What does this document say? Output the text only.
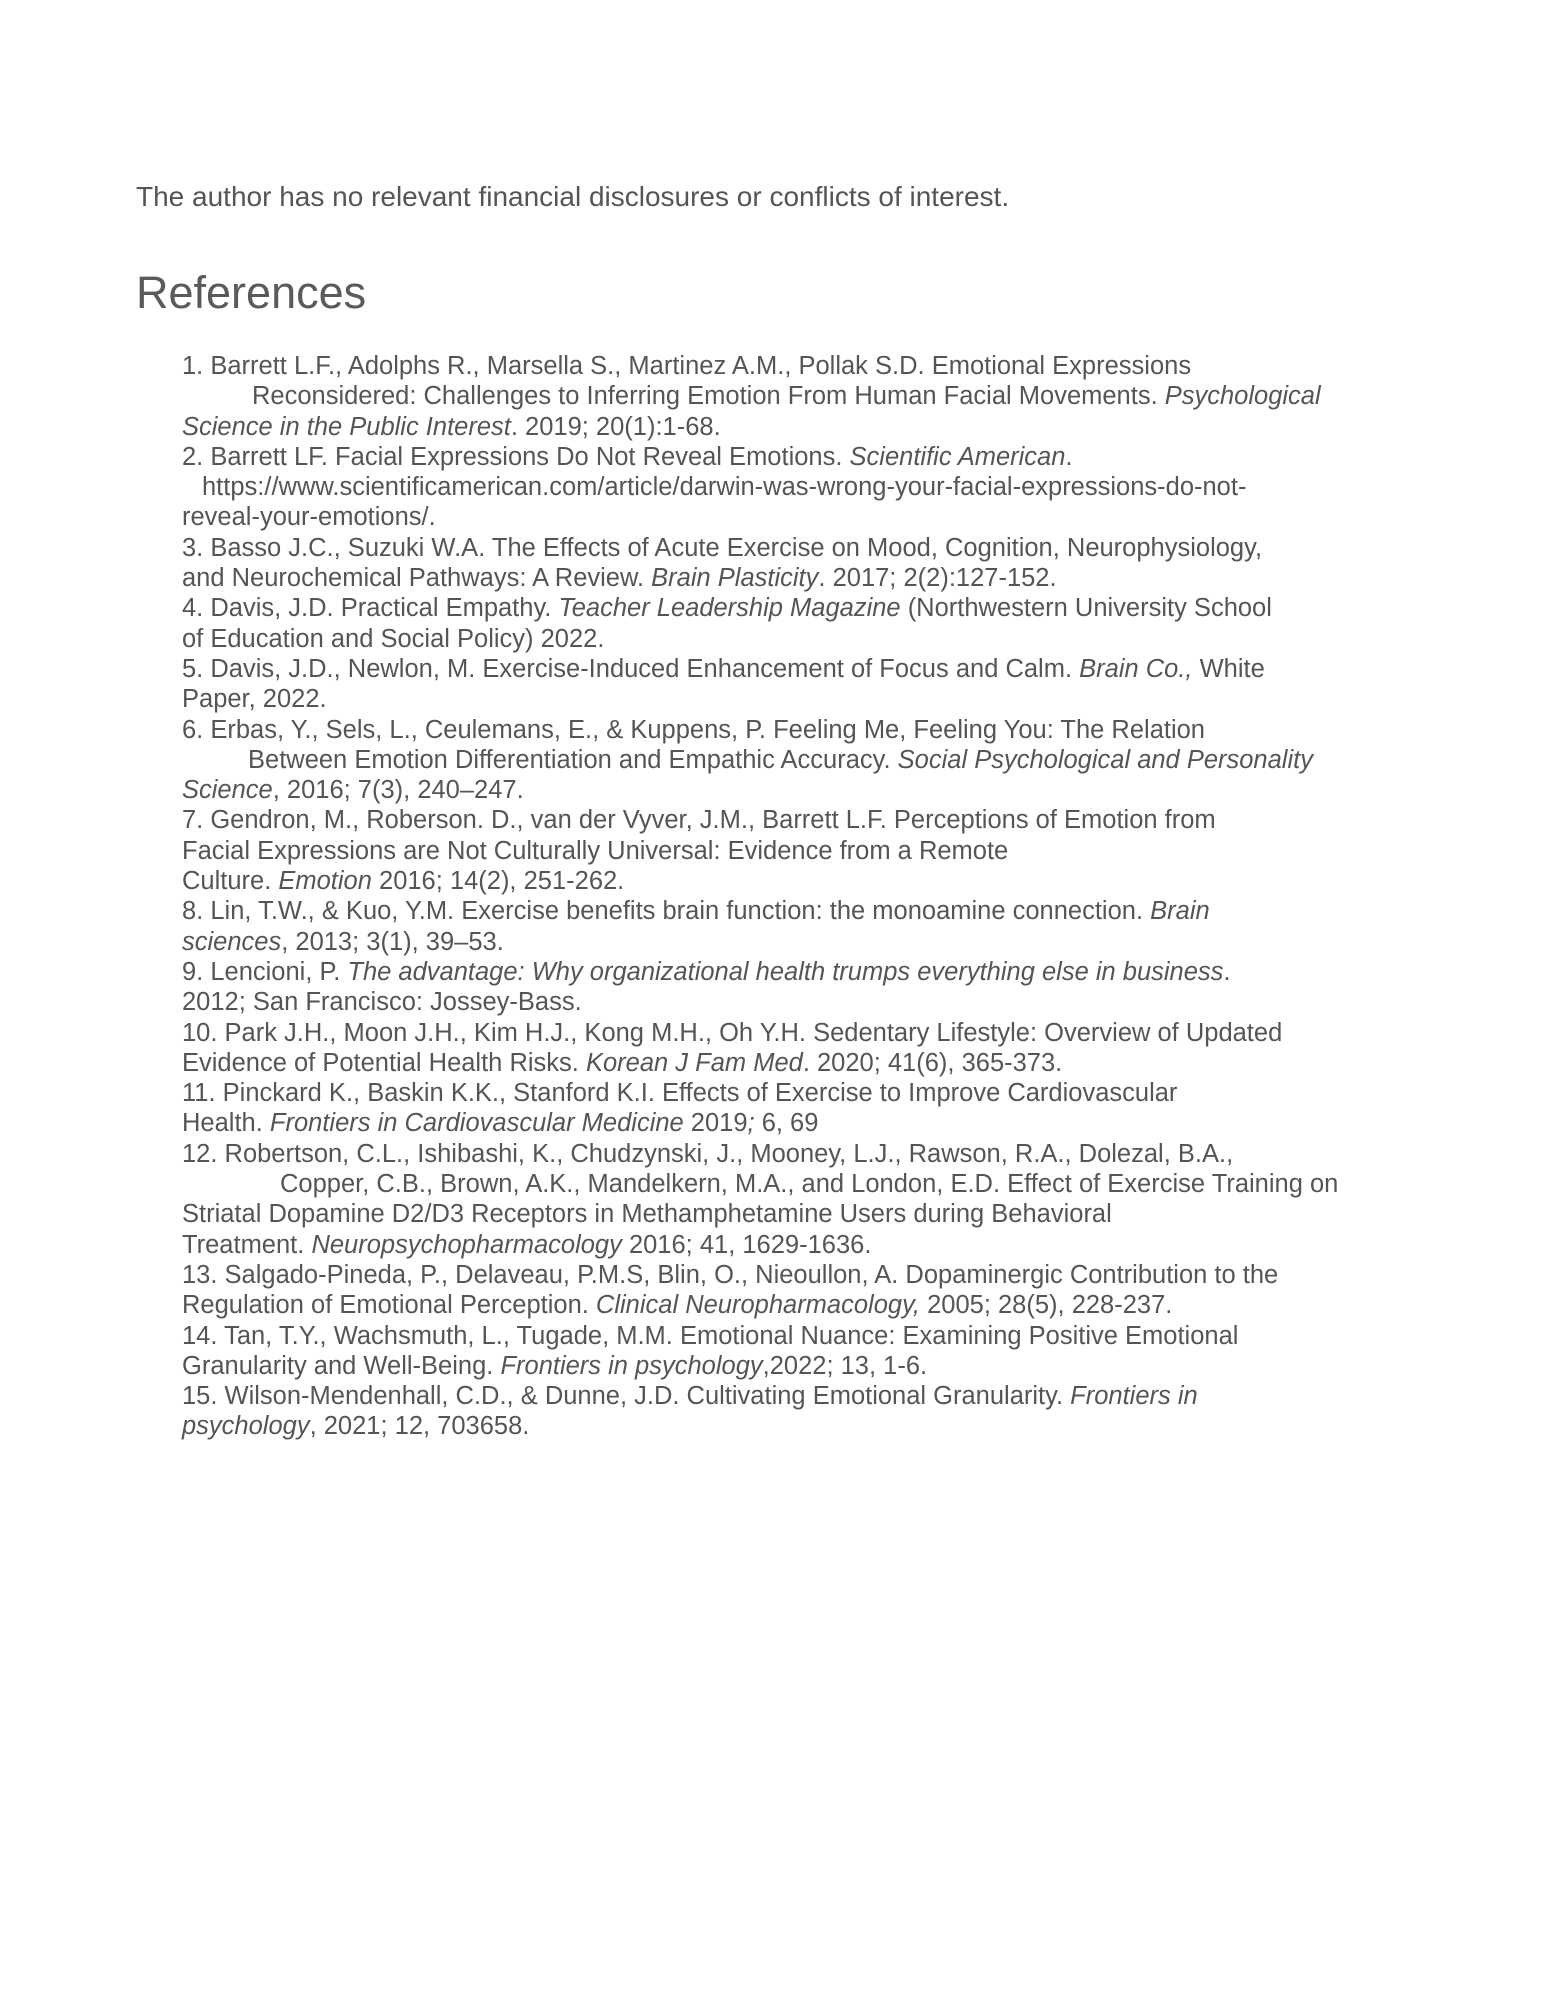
The author has no relevant financial disclosures or conflicts of interest.

References
1. Barrett L.F., Adolphs R., Marsella S., Martinez A.M., Pollak S.D. Emotional Expressions
Reconsidered: Challenges to Inferring Emotion From Human Facial Movements. Psychological
Science in the Public Interest. 2019; 20(1):1-68.
2. Barrett LF. Facial Expressions Do Not Reveal Emotions. Scientific American.
https://www.scientificamerican.com/article/darwin-was-wrong-your-facial-expressions-do-not-
reveal-your-emotions/.
3. Basso J.C., Suzuki W.A. The Effects of Acute Exercise on Mood, Cognition, Neurophysiology,
and Neurochemical Pathways: A Review. Brain Plasticity. 2017; 2(2):127-152.
4. Davis, J.D. Practical Empathy. Teacher Leadership Magazine (Northwestern University School
of Education and Social Policy) 2022.
5. Davis, J.D., Newlon, M. Exercise-Induced Enhancement of Focus and Calm. Brain Co., White
Paper, 2022.
6. Erbas, Y., Sels, L., Ceulemans, E., & Kuppens, P. Feeling Me, Feeling You: The Relation
Between Emotion Differentiation and Empathic Accuracy. Social Psychological and Personality
Science, 2016; 7(3), 240–247.
7. Gendron, M., Roberson. D., van der Vyver, J.M., Barrett L.F. Perceptions of Emotion from
Facial Expressions are Not Culturally Universal: Evidence from a Remote
Culture. Emotion 2016; 14(2), 251-262.
8. Lin, T.W., & Kuo, Y.M. Exercise benefits brain function: the monoamine connection. Brain
sciences, 2013; 3(1), 39–53.
9. Lencioni, P. The advantage: Why organizational health trumps everything else in business.
2012; San Francisco: Jossey-Bass.
10. Park J.H., Moon J.H., Kim H.J., Kong M.H., Oh Y.H. Sedentary Lifestyle: Overview of Updated
Evidence of Potential Health Risks. Korean J Fam Med. 2020; 41(6), 365-373.
11. Pinckard K., Baskin K.K., Stanford K.I. Effects of Exercise to Improve Cardiovascular
Health. Frontiers in Cardiovascular Medicine 2019; 6, 69
12. Robertson, C.L., Ishibashi, K., Chudzynski, J., Mooney, L.J., Rawson, R.A., Dolezal, B.A.,
Copper, C.B., Brown, A.K., Mandelkern, M.A., and London, E.D. Effect of Exercise Training on
Striatal Dopamine D2/D3 Receptors in Methamphetamine Users during Behavioral
Treatment. Neuropsychopharmacology 2016; 41, 1629-1636.
13. Salgado-Pineda, P., Delaveau, P.M.S, Blin, O., Nieoullon, A. Dopaminergic Contribution to the
Regulation of Emotional Perception. Clinical Neuropharmacology, 2005; 28(5), 228-237.
14. Tan, T.Y., Wachsmuth, L., Tugade, M.M. Emotional Nuance: Examining Positive Emotional
Granularity and Well-Being. Frontiers in psychology,2022; 13, 1-6.
15. Wilson-Mendenhall, C.D., & Dunne, J.D. Cultivating Emotional Granularity. Frontiers in
psychology, 2021; 12, 703658.
